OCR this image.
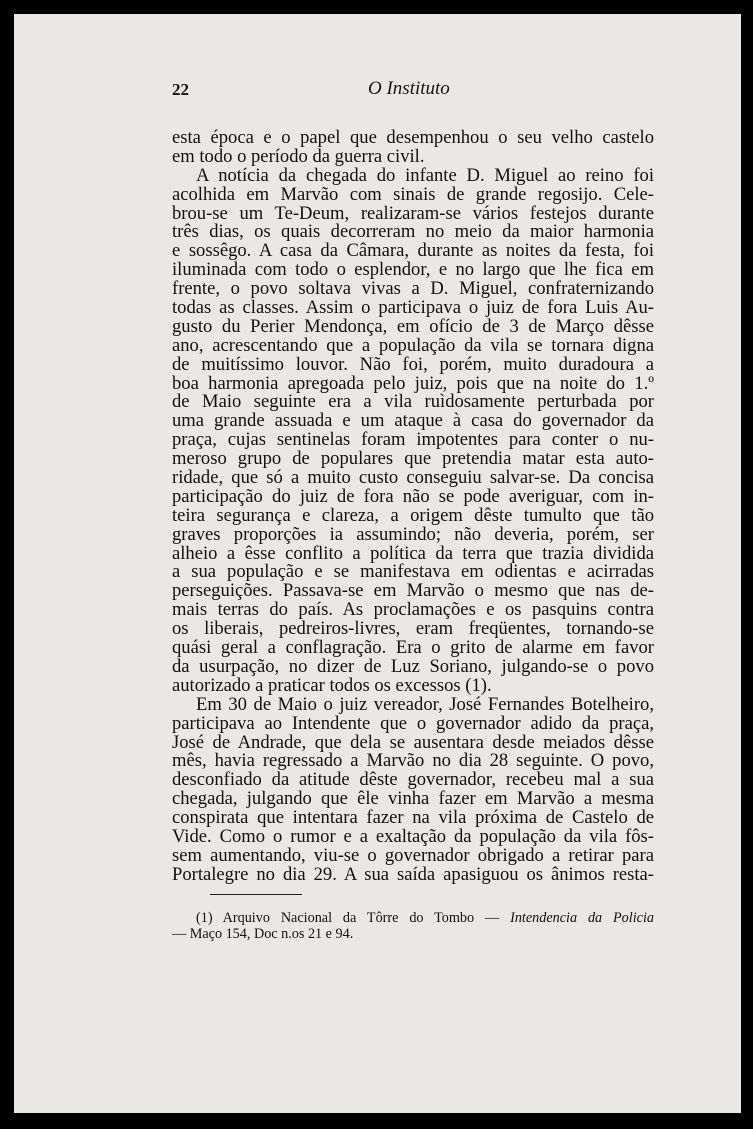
22	O Instituto
esta época e o papel que desempenhou o seu velho castelo
em todo o período da guerra civil.
A notícia da chegada do infante D. Miguel ao reino foi
acolhida em Marvão com sinais de grande regosijo. Cele-
brou-se um Te-Deum, realizaram-se vários festejos durante
três dias, os quais decorreram no meio da maior harmonia
e sossêgo. A casa da Câmara, durante as noites da festa, foi
iluminada com todo o esplendor, e no largo que lhe fica em
frente, o povo soltava vivas a D. Miguel, confraternizando
todas as classes. Assim o participava o juiz de fora Luis Au-
gusto du Perier Mendonça, em ofício de 3 de Março dêsse
ano, acrescentando que a população da vila se tornara digna
de muitíssimo louvor. Não foi, porém, muito duradoura a
boa harmonia apregoada pelo juiz, pois que na noite do 1.º
de Maio seguinte era a vila ruìdosamente perturbada por
uma grande assuada e um ataque à casa do governador da
praça, cujas sentinelas foram impotentes para conter o nu-
meroso grupo de populares que pretendia matar esta auto-
ridade, que só a muito custo conseguiu salvar-se. Da concisa
participação do juiz de fora não se pode averiguar, com in-
teira segurança e clareza, a origem dêste tumulto que tão
graves proporções ia assumindo; não deveria, porém, ser
alheio a êsse conflito a política da terra que trazia dividida
a sua população e se manifestava em odientas e acirradas
perseguições. Passava-se em Marvão o mesmo que nas de-
mais terras do país. As proclamações e os pasquins contra
os liberais, pedreiros-livres, eram freqüentes, tornando-se
quási geral a conflagração. Era o grito de alarme em favor
da usurpação, no dizer de Luz Soriano, julgando-se o povo
autorizado a praticar todos os excessos (1).
Em 30 de Maio o juiz vereador, José Fernandes Botelheiro,
participava ao Intendente que o governador adido da praça,
José de Andrade, que dela se ausentara desde meiados dêsse
mês, havia regressado a Marvão no dia 28 seguinte. O povo,
desconfiado da atitude dêste governador, recebeu mal a sua
chegada, julgando que êle vinha fazer em Marvão a mesma
conspirata que intentara fazer na vila próxima de Castelo de
Vide. Como o rumor e a exaltação da população da vila fôs-
sem aumentando, viu-se o governador obrigado a retirar para
Portalegre no dia 29. A sua saída apasiguou os ânimos resta-
(1) Arquivo Nacional da Tôrre do Tombo — Intendencia da Policia
— Maço 154, Doc n.os 21 e 94.
